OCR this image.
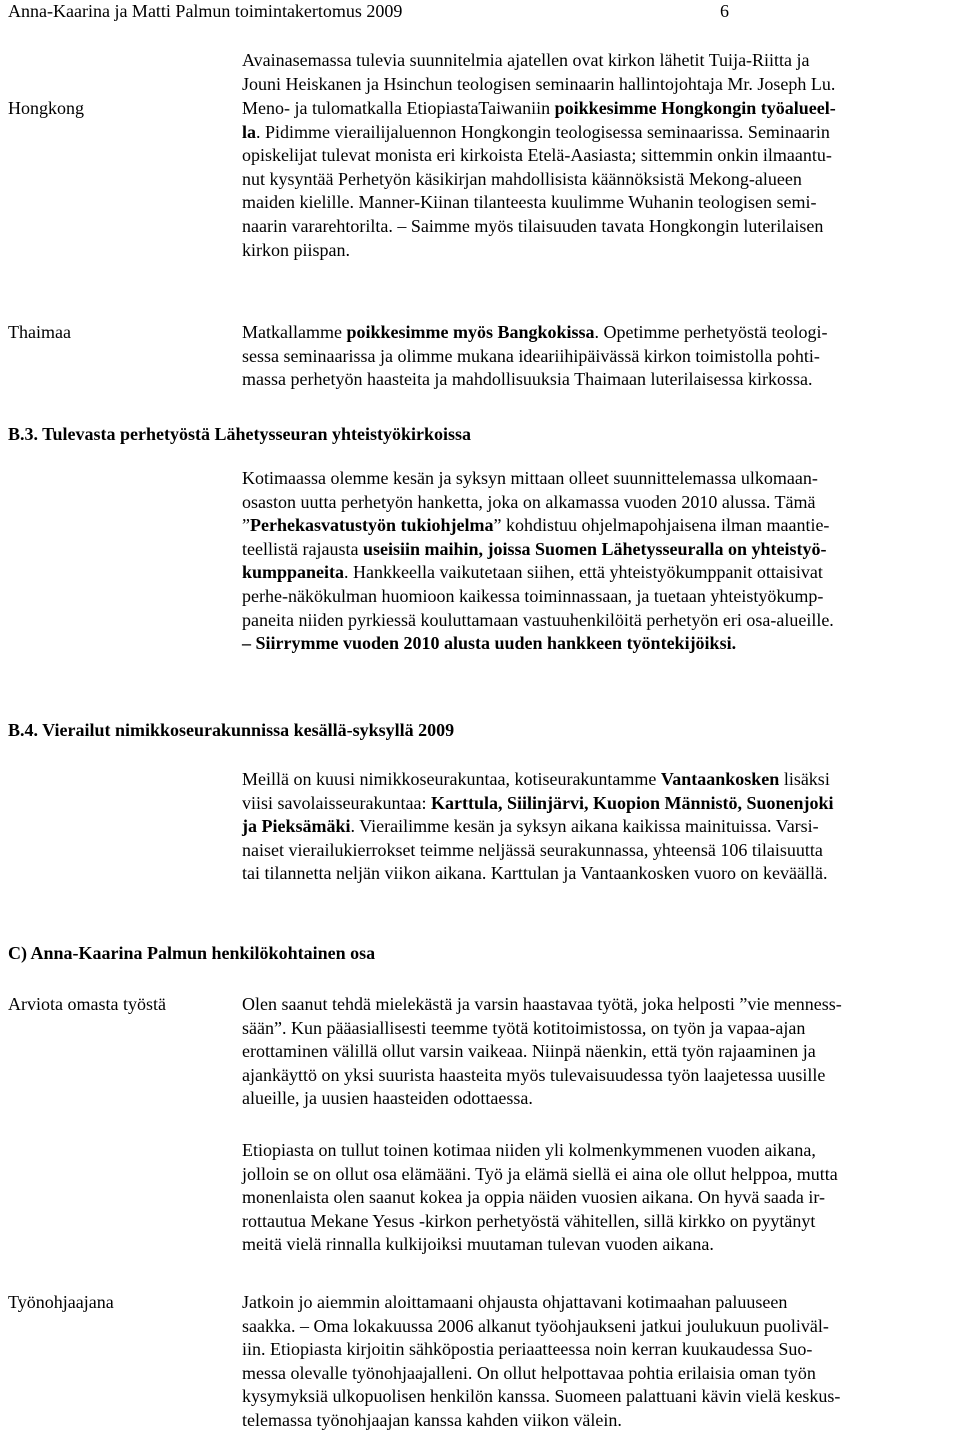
Anna-Kaarina ja Matti Palmun toimintakertomus 2009	6
Avainasemassa tulevia suunnitelmia ajatellen ovat kirkon lähetit Tuija-Riitta ja
Jouni Heiskanen ja Hsinchun teologisen seminaarin hallintojohtaja Mr. Joseph Lu.
Hongkong	Meno- ja tulomatkalla EtiopiastaTaiwaniin poikkesimme Hongkongin työalueel-
la. Pidimme vierailijaluennon Hongkongin teologisessa seminaarissa. Seminaarin
opiskelijat tulevat monista eri kirkoista Etelä-Aasiasta; sittemmin onkin ilmaantu-
nut kysyntää Perhetyön käsikirjan mahdollisista käännöksistä Mekong-alueen
maiden kielille. Manner-Kiinan tilanteesta kuulimme Wuhanin teologisen semi-
naarin vararehtorilta. – Saimme myös tilaisuuden tavata Hongkongin luterilaisen
kirkon piispan.
Thaimaa	Matkallamme poikkesimme myös Bangkokissa. Opetimme perhetyöstä teologi-
sessa seminaarissa ja olimme mukana ideariihipäivässä kirkon toimistolla pohti-
massa perhetyön haasteita ja mahdollisuuksia Thaimaan luterilaisessa kirkossa.
B.3. Tulevasta perhetyöstä Lähetysseuran yhteistyökirkoissa
Kotimaassa olemme kesän ja syksyn mittaan olleet suunnittelemassa ulkomaan-
osaston uutta perhetyön hanketta, joka on alkamassa vuoden 2010 alussa. Tämä
”Perhekasvatustyön tukiohjelma” kohdistuu ohjelmapohjaisena ilman maantie-
teellistä rajausta useisiin maihin, joissa Suomen Lähetysseuralla on yhteistyö-
kumppaneita. Hankkeella vaikutetaan siihen, että yhteistyökumppanit ottaisivat
perhe-näkökulman huomioon kaikessa toiminnassaan, ja tuetaan yhteistyökump-
paneita niiden pyrkiessä kouluttamaan vastuuhenkilöitä perhetyön eri osa-alueille.
– Siirrymme vuoden 2010 alusta uuden hankkeen työntekijöiksi.
B.4. Vierailut nimikkoseurakunnissa kesällä-syksyllä 2009
Meillä on kuusi nimikkoseurakuntaa, kotiseurakuntamme Vantaankosken lisäksi
viisi savolaisseurakuntaa: Karttula, Siilinjärvi, Kuopion Männistö, Suonenjoki
ja Pieksämäki. Vierailimme kesän ja syksyn aikana kaikissa mainituissa. Varsi-
naiset vierailukierrokset teimme neljässä seurakunnassa, yhteensä 106 tilaisuutta
tai tilannetta neljän viikon aikana. Karttulan ja Vantaankosken vuoro on keväällä.
C) Anna-Kaarina Palmun henkilökohtainen osa
Arviota omasta työstä	Olen saanut tehdä mielekästä ja varsin haastavaa työtä, joka helposti ”vie menness-
sään”. Kun pääasiallisesti teemme työtä kotitoimistossa, on työn ja vapaa-ajan
erottaminen välillä ollut varsin vaikeaa. Niinpä näenkin, että työn rajaaminen ja
ajankäyttö on yksi suurista haasteita myös tulevaisuudessa työn laajetessa uusille
alueille, ja uusien haasteiden odottaessa.
Etiopiasta on tullut toinen kotimaa niiden yli kolmenkymmenen vuoden aikana,
jolloin se on ollut osa elämääni. Työ ja elämä siellä ei aina ole ollut helppoa, mutta
monenlaista olen saanut kokea ja oppia näiden vuosien aikana. On hyvä saada ir-
rottautua Mekane Yesus -kirkon perhetyöstä vähitellen, sillä kirkko on pyytänyt
meitä vielä rinnalla kulkijoiksi muutaman tulevan vuoden aikana.
Työnohjaajana	Jatkoin jo aiemmin aloittamaani ohjausta ohjattavani kotimaahan paluuseen
saakka. – Oma lokakuussa 2006 alkanut työohjaukseni jatkui joulukuun puoliväl-
iin. Etiopiasta kirjoitin sähköpostia periaatteessa noin kerran kuukaudessa Suo-
messa olevalle työnohjaajalleni. On ollut helpottavaa pohtia erilaisia oman työn
kysymyksiä ulkopuolisen henkilön kanssa. Suomeen palattuani kävin vielä keskus-
telemassa työnohjaajan kanssa kahden viikon välein.
